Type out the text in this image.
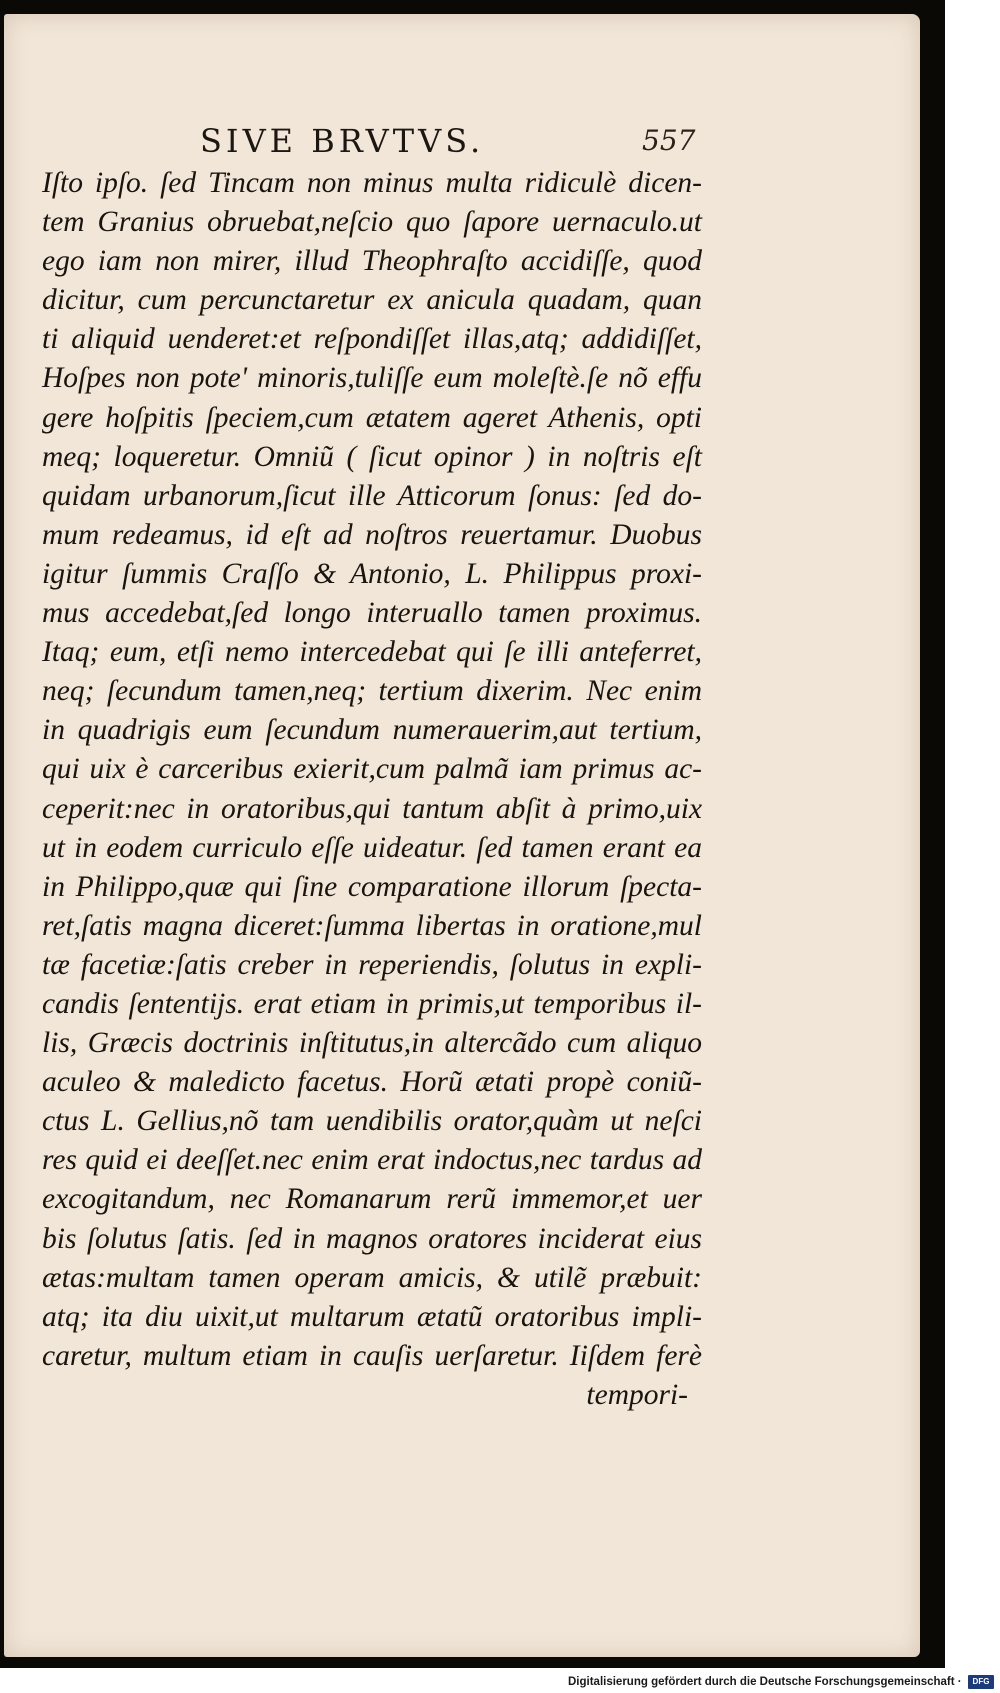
SIVE BRVTVS.	557
Iſto ipſo. ſed Tincam non minus multa ridiculè dicen-
tem Granius obruebat,neſcio quo ſapore uernaculo.ut
ego iam non mirer, illud Theophraſto accidiſſe, quod
dicitur, cum percunctaretur ex anicula quadam, quan
ti aliquid uenderet:et reſpondiſſet illas,atq; addidiſſet,
Hoſpes non pote' minoris,tuliſſe eum moleſtè.ſe nõ effu
gere hoſpitis ſpeciem,cum ætatem ageret Athenis, opti
meq; loqueretur. Omniũ ( ſicut opinor ) in noſtris eſt
quidam urbanorum,ſicut ille Atticorum ſonus: ſed do-
mum redeamus, id eſt ad noſtros reuertamur. Duobus
igitur ſummis Craſſo & Antonio, L. Philippus proxi-
mus accedebat,ſed longo interuallo tamen proximus.
Itaq; eum, etſi nemo intercedebat qui ſe illi anteferret,
neq; ſecundum tamen,neq; tertium dixerim. Nec enim
in quadrigis eum ſecundum numerauerim,aut tertium,
qui uix è carceribus exierit,cum palmã iam primus ac-
ceperit:nec in oratoribus,qui tantum abſit à primo,uix
ut in eodem curriculo eſſe uideatur. ſed tamen erant ea
in Philippo,quæ qui ſine comparatione illorum ſpecta-
ret,ſatis magna diceret:ſumma libertas in oratione,mul
tæ facetiæ:ſatis creber in reperiendis, ſolutus in expli-
candis ſententijs. erat etiam in primis,ut temporibus il-
lis, Græcis doctrinis inſtitutus,in altercãdo cum aliquo
aculeo & maledicto facetus. Horũ ætati propè coniũ-
ctus L. Gellius,nõ tam uendibilis orator,quàm ut neſci
res quid ei deeſſet.nec enim erat indoctus,nec tardus ad
excogitandum, nec Romanarum rerũ immemor,et uer
bis ſolutus ſatis. ſed in magnos oratores inciderat eius
ætas:multam tamen operam amicis, & utilẽ præbuit:
atq; ita diu uixit,ut multarum ætatũ oratoribus impli-
caretur, multum etiam in cauſis uerſaretur. Iiſdem ferè
tempori-
Digitalisierung gefördert durch die Deutsche Forschungsgemeinschaft ·	DFG
